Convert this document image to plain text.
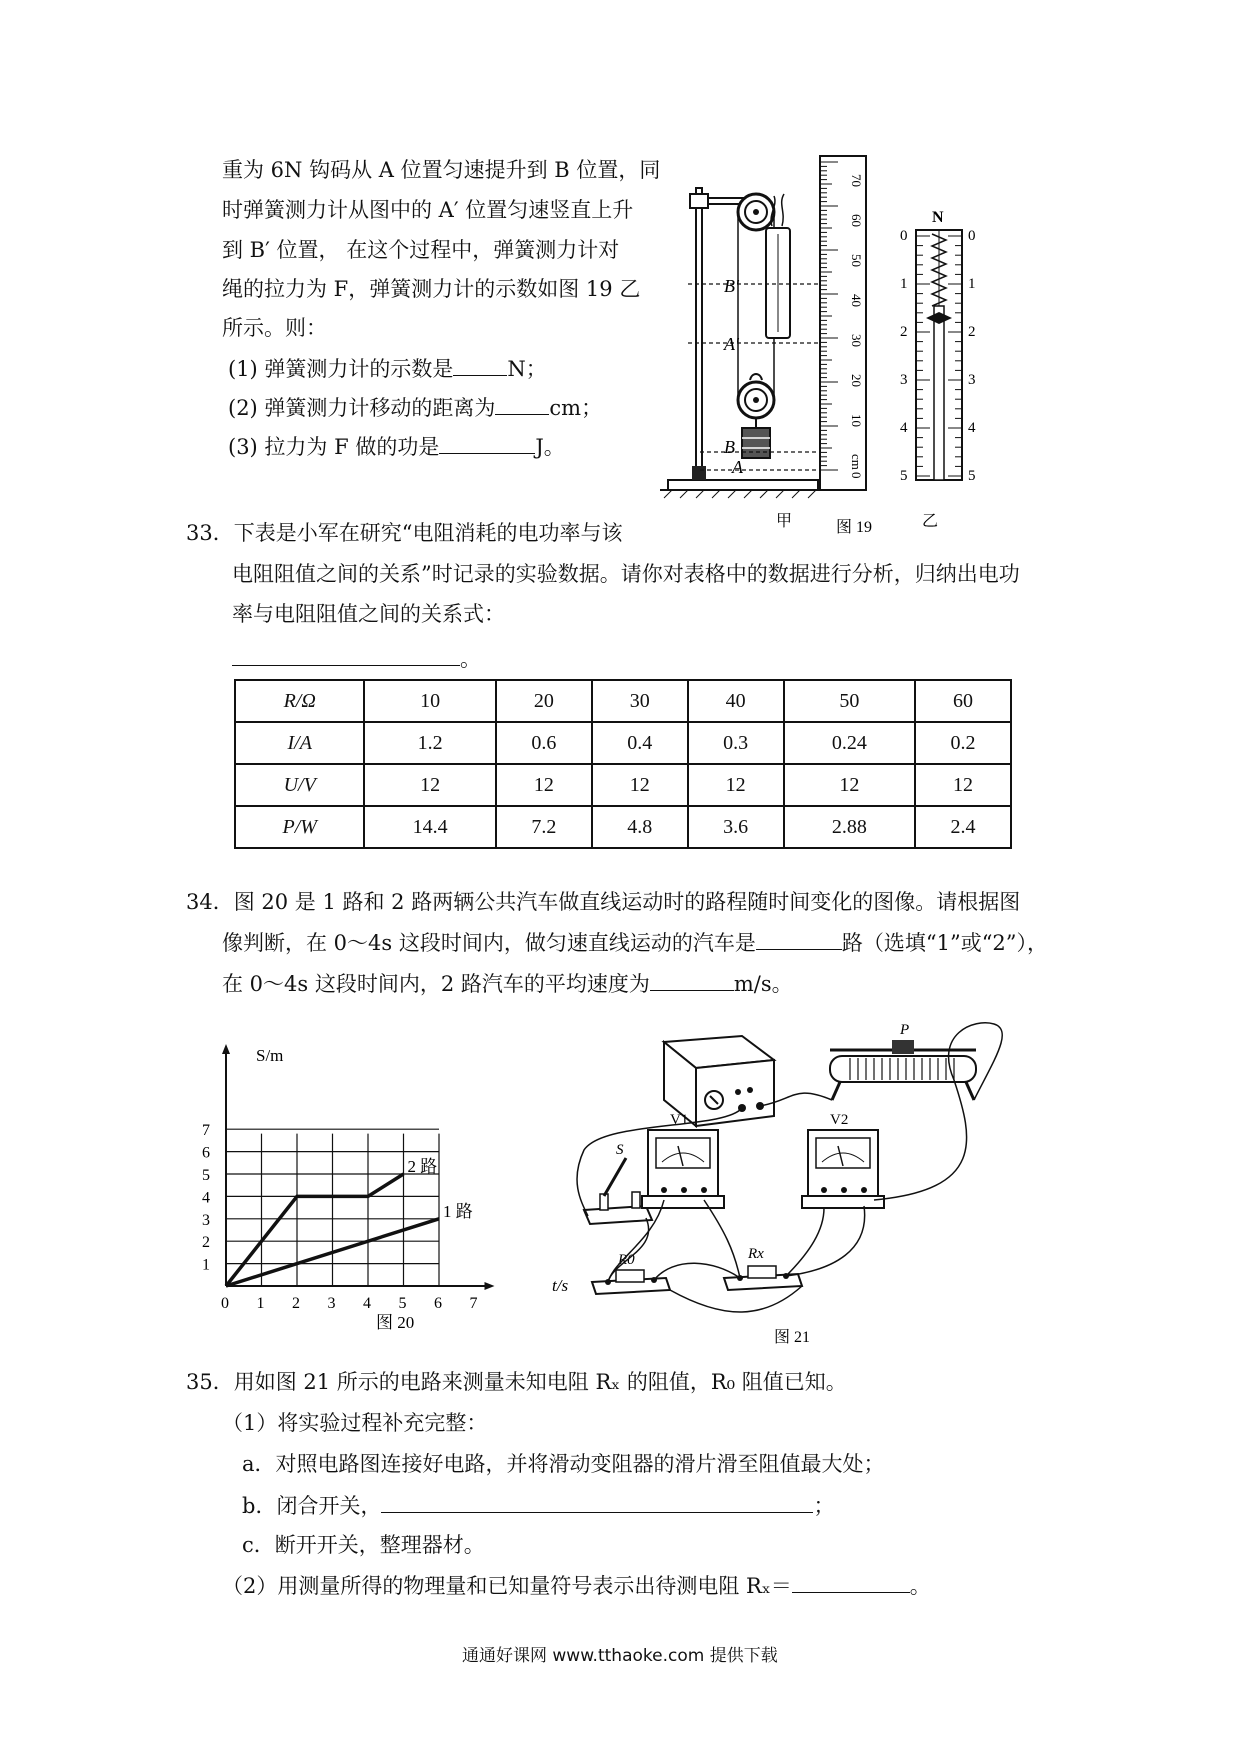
重为 6N 钩码从 A 位置匀速提升到 B 位置，同
时弹簧测力计从图中的 A′ 位置匀速竖直上升
到 B′ 位置， 在这个过程中，弹簧测力计对
绳的拉力为 F，弹簧测力计的示数如图 19 乙
所示。则：
(1) 弹簧测力计的示数是	N；
(2) 弹簧测力计移动的距离为	cm；
(3) 拉力为 F 做的功是	J。
B′
A′
B
A
70
60
50
40
30
20
10
cm
0
N
0
1
2
3
4
5
0
1
2
3
4
5
甲	图 19	乙
33．下表是小军在研究“电阻消耗的电功率与该
电阻阻值之间的关系”时记录的实验数据。请你对表格中的数据进行分析，归纳出电功
率与电阻阻值之间的关系式：
。
R/Ω	10	20	30	40	50	60
I/A	1.2	0.6	0.4	0.3	0.24	0.2
U/V	12	12	12	12	12	12
P/W	14.4	7.2	4.8	3.6	2.88	2.4
34．图 20 是 1 路和 2 路两辆公共汽车做直线运动时的路程随时间变化的图像。请根据图
像判断，在 0～4s 这段时间内，做匀速直线运动的汽车是	路（选填“1”或“2”），
在 0～4s 这段时间内，2 路汽车的平均速度为	m/s。
0 1 2 3 4 5 6 7
1
2
3
4
5
6
7
2 路
1 路
S/m
t/s
图 20
P
S
V1	V2
R0	Rx
图 21
35．用如图 21 所示的电路来测量未知电阻 Rₓ 的阻值，R₀ 阻值已知。
（1）将实验过程补充完整：
a．对照电路图连接好电路，并将滑动变阻器的滑片滑至阻值最大处；
b．闭合开关，	；
c．断开开关，整理器材。
（2）用测量所得的物理量和已知量符号表示出待测电阻 Rₓ＝	。
通通好课网 www.tthaoke.com 提供下载
